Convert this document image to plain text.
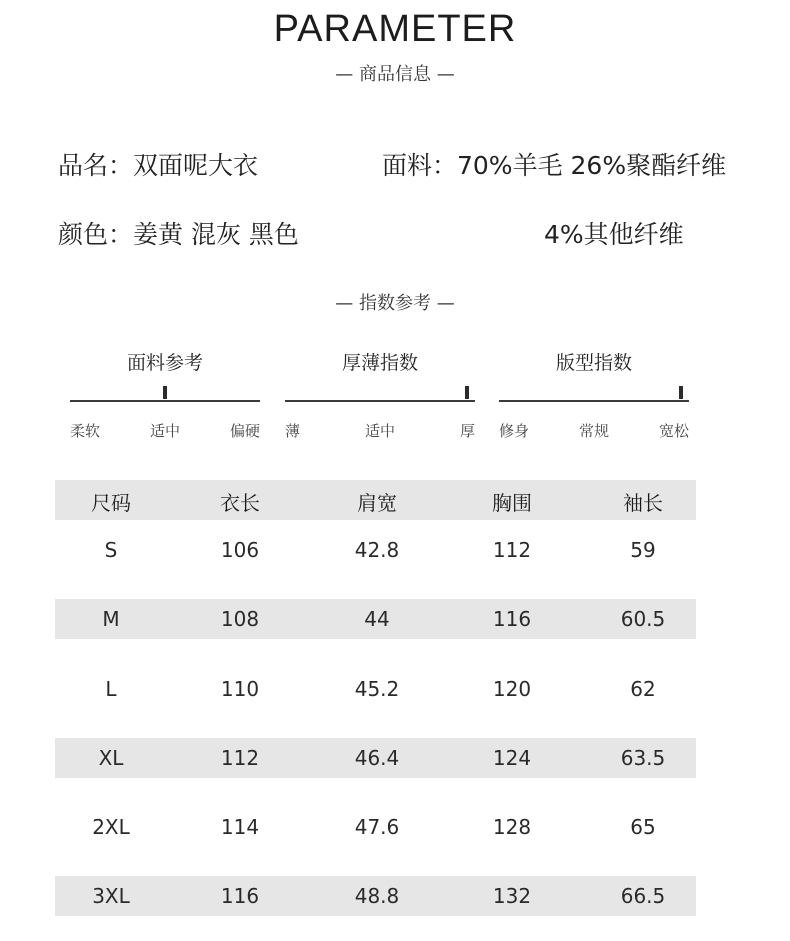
PARAMETER
— 商品信息 —
品名：双面呢大衣	面料：70%羊毛 26%聚酯纤维
颜色：姜黄 混灰 黑色	4%其他纤维
— 指数参考 —
面料参考
柔软	适中	偏硬
厚薄指数
薄	适中	厚
版型指数
修身	常规	宽松
尺码	衣长	肩宽	胸围	袖长
S	106	42.8	112	59
M	108	44	116	60.5
L	110	45.2	120	62
XL	112	46.4	124	63.5
2XL	114	47.6	128	65
3XL	116	48.8	132	66.5
